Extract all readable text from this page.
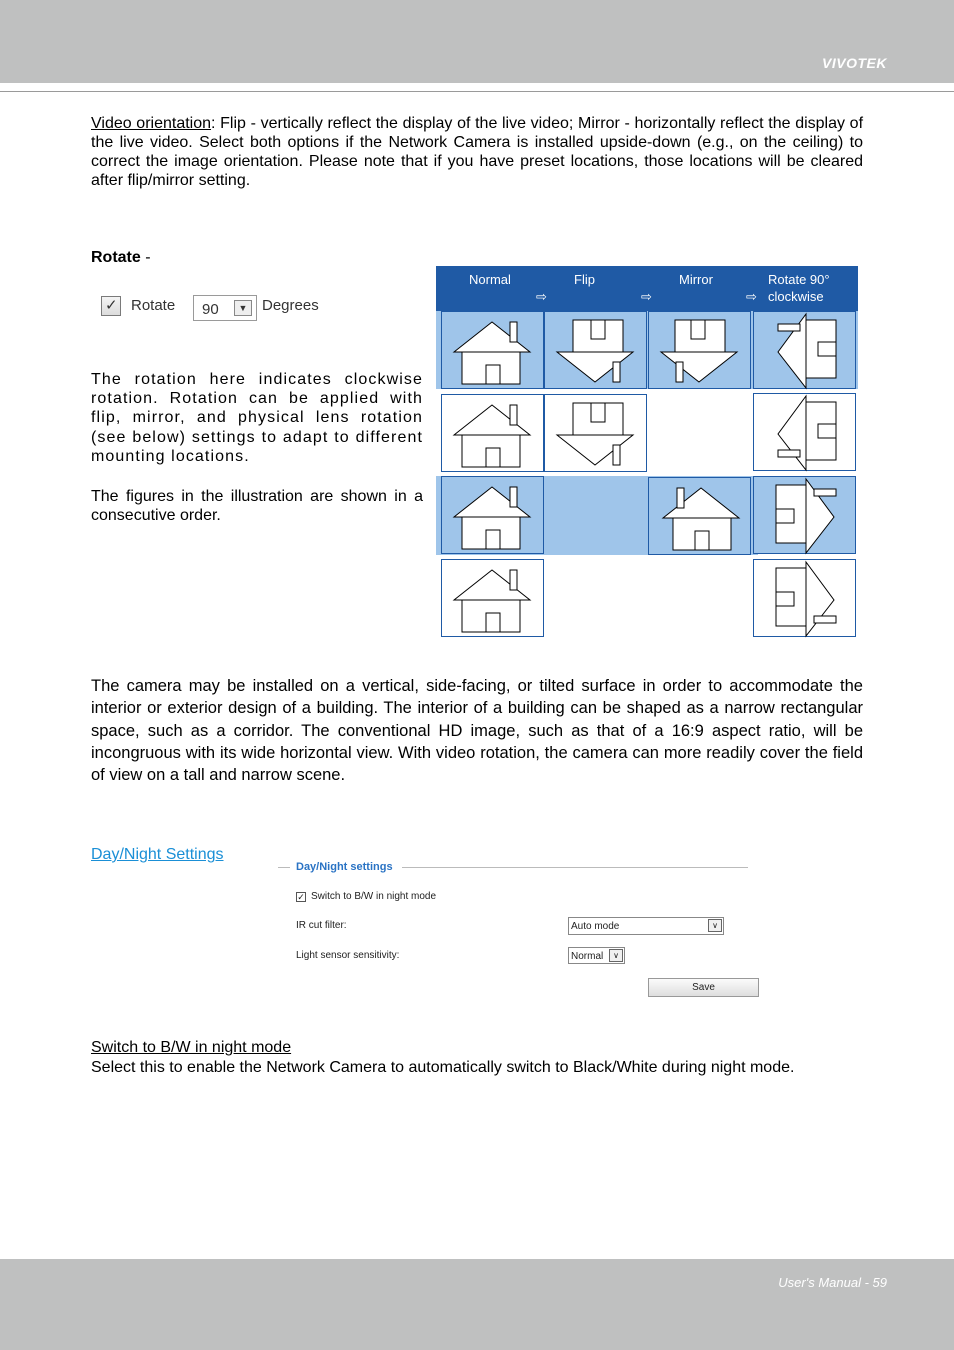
VIVOTEK

Video orientation: Flip - vertically reflect the display of the live video; Mirror - horizontally reflect the display of the live video. Select both options if the Network Camera is installed upside-down (e.g., on the ceiling) to correct the image orientation. Please note that if you have preset locations, those locations will be cleared after flip/mirror setting.

Rotate -
✓ Rotate 90	▼ Degrees

The rotation here indicates clockwise rotation. Rotation can be applied with flip, mirror, and physical lens rotation (see below) settings to adapt to different mounting locations.

The figures in the illustration are shown in a consecutive order.

Normal	Flip	Mirror	Rotate 90°
clockwise
⇨	⇨	⇨

The camera may be installed on a vertical, side-facing, or tilted surface in order to accommodate the interior or exterior design of a building. The interior of a building can be shaped as a narrow rectangular space, such as a corridor. The conventional HD image, such as that of a 16:9 aspect ratio, will be incongruous with its wide horizontal view. With video rotation, the camera can more readily cover the field of view on a tall and narrow scene.

Day/Night Settings
Day/Night settings
✓ Switch to B/W in night mode
IR cut filter:	Auto mode	∨
Light sensor sensitivity:	Normal	∨
Save

Switch to B/W in night mode
Select this to enable the Network Camera to automatically switch to Black/White during night mode.

User's Manual - 59
